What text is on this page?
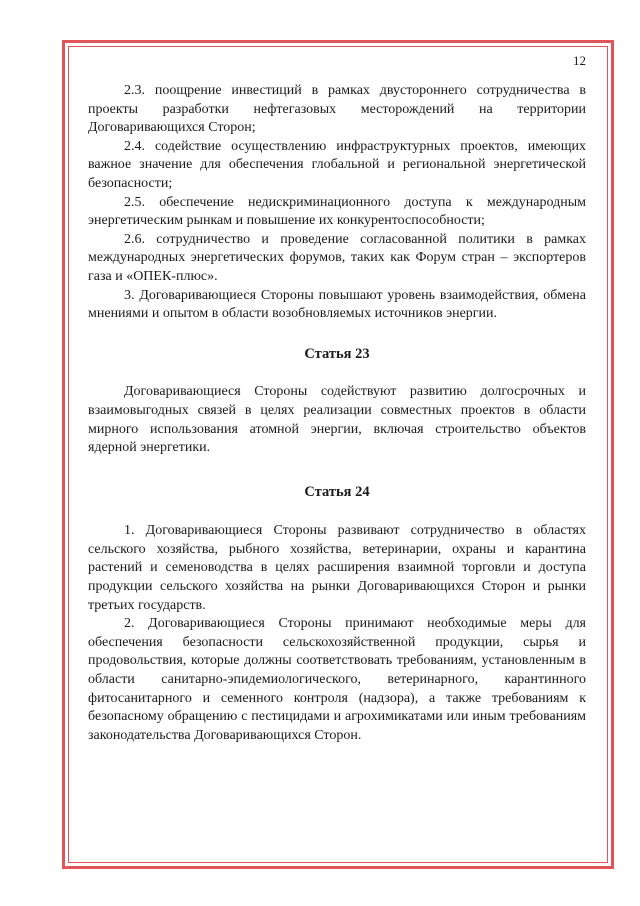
12

2.3. поощрение инвестиций в рамках двустороннего сотрудничества в проекты разработки нефтегазовых месторождений на территории Договаривающихся Сторон;

2.4. содействие осуществлению инфраструктурных проектов, имеющих важное значение для обеспечения глобальной и региональной энергетической безопасности;

2.5. обеспечение недискриминационного доступа к международным энергетическим рынкам и повышение их конкурентоспособности;

2.6. сотрудничество и проведение согласованной политики в рамках международных энергетических форумов, таких как Форум стран – экспортеров газа и «ОПЕК-плюс».

3. Договаривающиеся Стороны повышают уровень взаимодействия, обмена мнениями и опытом в области возобновляемых источников энергии.

Статья 23

Договаривающиеся Стороны содействуют развитию долгосрочных и взаимовыгодных связей в целях реализации совместных проектов в области мирного использования атомной энергии, включая строительство объектов ядерной энергетики.

Статья 24

1. Договаривающиеся Стороны развивают сотрудничество в областях сельского хозяйства, рыбного хозяйства, ветеринарии, охраны и карантина растений и семеноводства в целях расширения взаимной торговли и доступа продукции сельского хозяйства на рынки Договаривающихся Сторон и рынки третьих государств.

2. Договаривающиеся Стороны принимают необходимые меры для обеспечения безопасности сельскохозяйственной продукции, сырья и продовольствия, которые должны соответствовать требованиям, установленным в области санитарно-эпидемиологического, ветеринарного, карантинного фитосанитарного и семенного контроля (надзора), а также требованиям к безопасному обращению с пестицидами и агрохимикатами или иным требованиям законодательства Договаривающихся Сторон.
